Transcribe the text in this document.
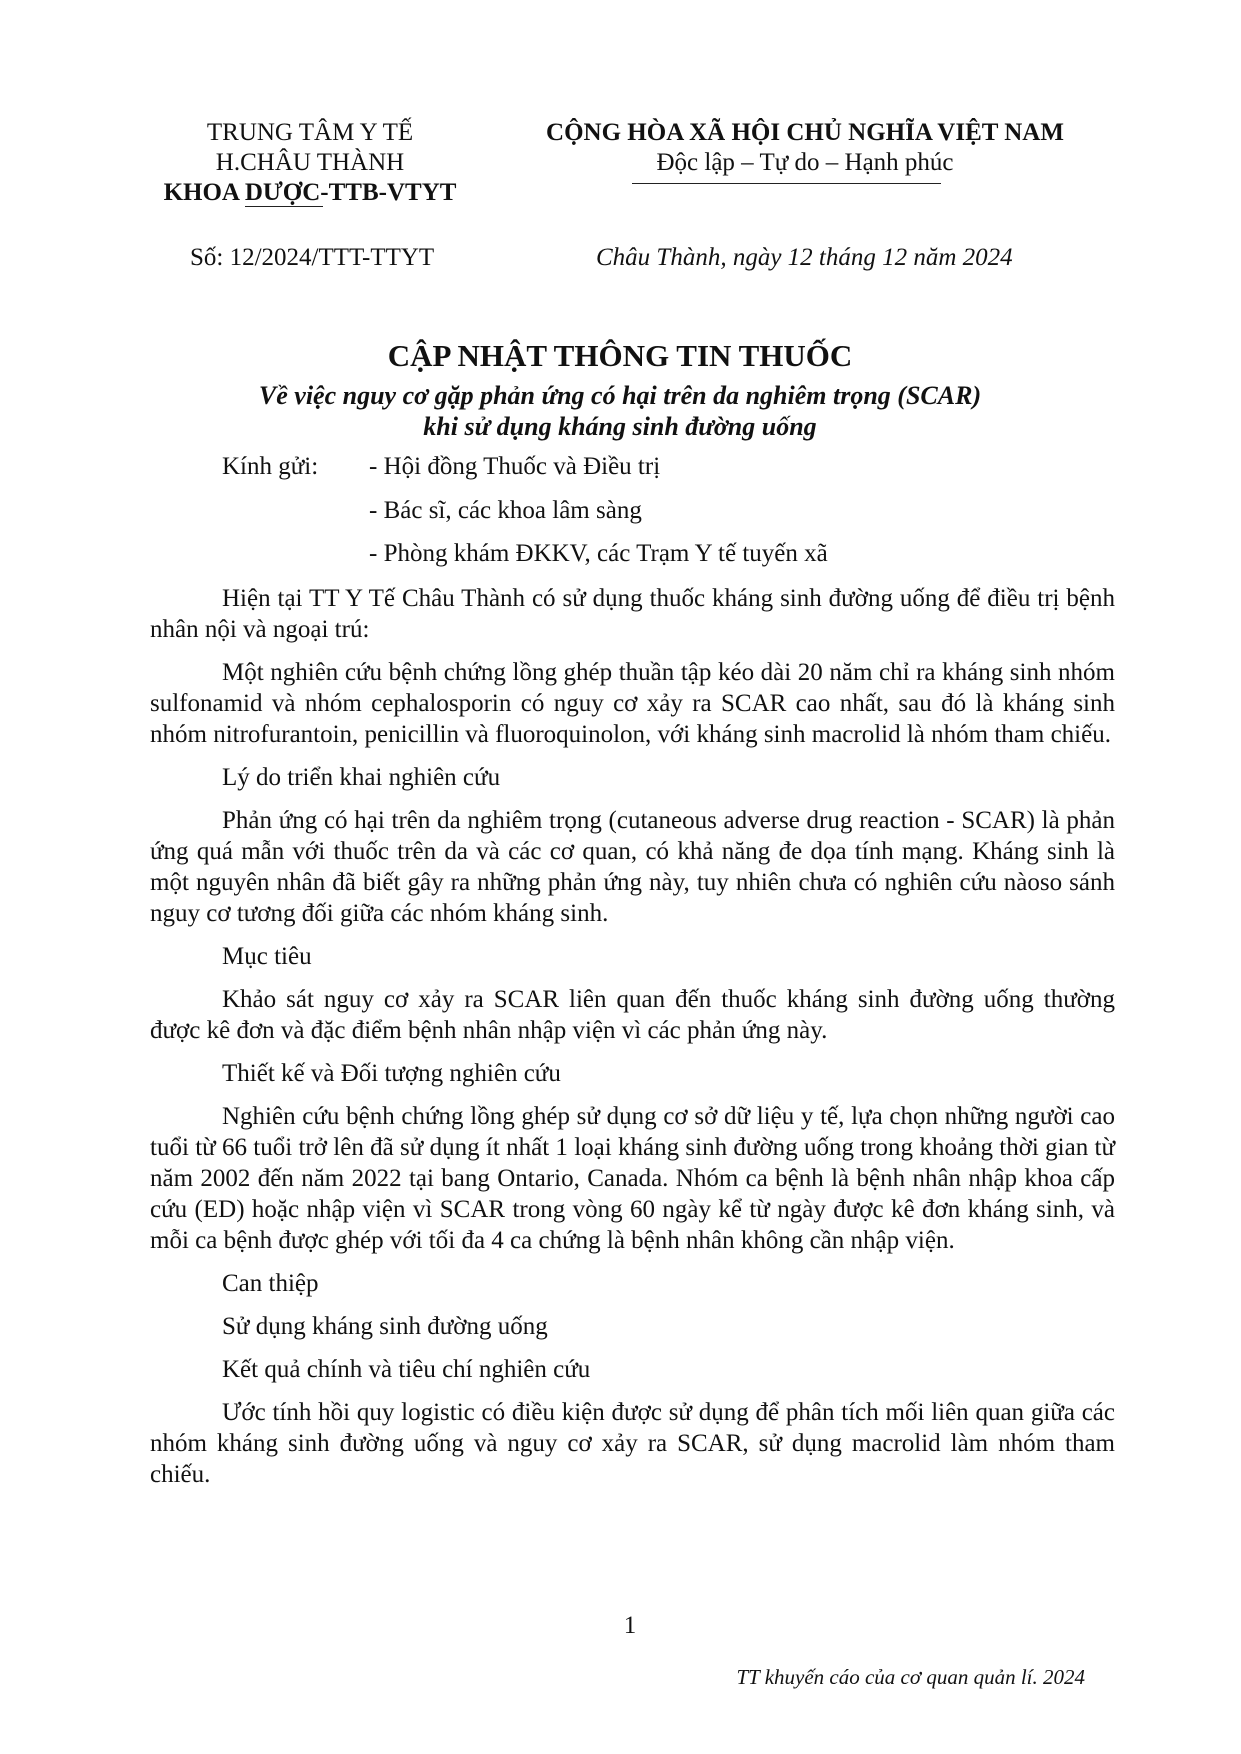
TRUNG TÂM Y TẾ
H.CHÂU THÀNH
KHOA DƯỢC-TTB-VTYT
CỘNG HÒA XÃ HỘI CHỦ NGHĨA VIỆT NAM
Độc lập – Tự do – Hạnh phúc
Số: 12/2024/TTT-TTYT	Châu Thành, ngày 12 tháng 12 năm 2024
CẬP NHẬT THÔNG TIN THUỐC
Về việc nguy cơ gặp phản ứng có hại trên da nghiêm trọng (SCAR)
khi sử dụng kháng sinh đường uống
Kính gửi: - Hội đồng Thuốc và Điều trị
- Bác sĩ, các khoa lâm sàng
- Phòng khám ĐKKV, các Trạm Y tế tuyến xã

Hiện tại TT Y Tế Châu Thành có sử dụng thuốc kháng sinh đường uống để điều trị bệnh nhân nội và ngoại trú:

Một nghiên cứu bệnh chứng lồng ghép thuần tập kéo dài 20 năm chỉ ra kháng sinh nhóm sulfonamid và nhóm cephalosporin có nguy cơ xảy ra SCAR cao nhất, sau đó là kháng sinh nhóm nitrofurantoin, penicillin và fluoroquinolon, với kháng sinh macrolid là nhóm tham chiếu.

Lý do triển khai nghiên cứu

Phản ứng có hại trên da nghiêm trọng (cutaneous adverse drug reaction - SCAR) là phản ứng quá mẫn với thuốc trên da và các cơ quan, có khả năng đe dọa tính mạng. Kháng sinh là một nguyên nhân đã biết gây ra những phản ứng này, tuy nhiên chưa có nghiên cứu nàoso sánh nguy cơ tương đối giữa các nhóm kháng sinh.

Mục tiêu

Khảo sát nguy cơ xảy ra SCAR liên quan đến thuốc kháng sinh đường uống thường được kê đơn và đặc điểm bệnh nhân nhập viện vì các phản ứng này.

Thiết kế và Đối tượng nghiên cứu

Nghiên cứu bệnh chứng lồng ghép sử dụng cơ sở dữ liệu y tế, lựa chọn những người cao tuổi từ 66 tuổi trở lên đã sử dụng ít nhất 1 loại kháng sinh đường uống trong khoảng thời gian từ năm 2002 đến năm 2022 tại bang Ontario, Canada. Nhóm ca bệnh là bệnh nhân nhập khoa cấp cứu (ED) hoặc nhập viện vì SCAR trong vòng 60 ngày kể từ ngày được kê đơn kháng sinh, và mỗi ca bệnh được ghép với tối đa 4 ca chứng là bệnh nhân không cần nhập viện.

Can thiệp

Sử dụng kháng sinh đường uống

Kết quả chính và tiêu chí nghiên cứu

Ước tính hồi quy logistic có điều kiện được sử dụng để phân tích mối liên quan giữa các nhóm kháng sinh đường uống và nguy cơ xảy ra SCAR, sử dụng macrolid làm nhóm tham chiếu.

1
TT khuyến cáo của cơ quan quản lí. 2024
